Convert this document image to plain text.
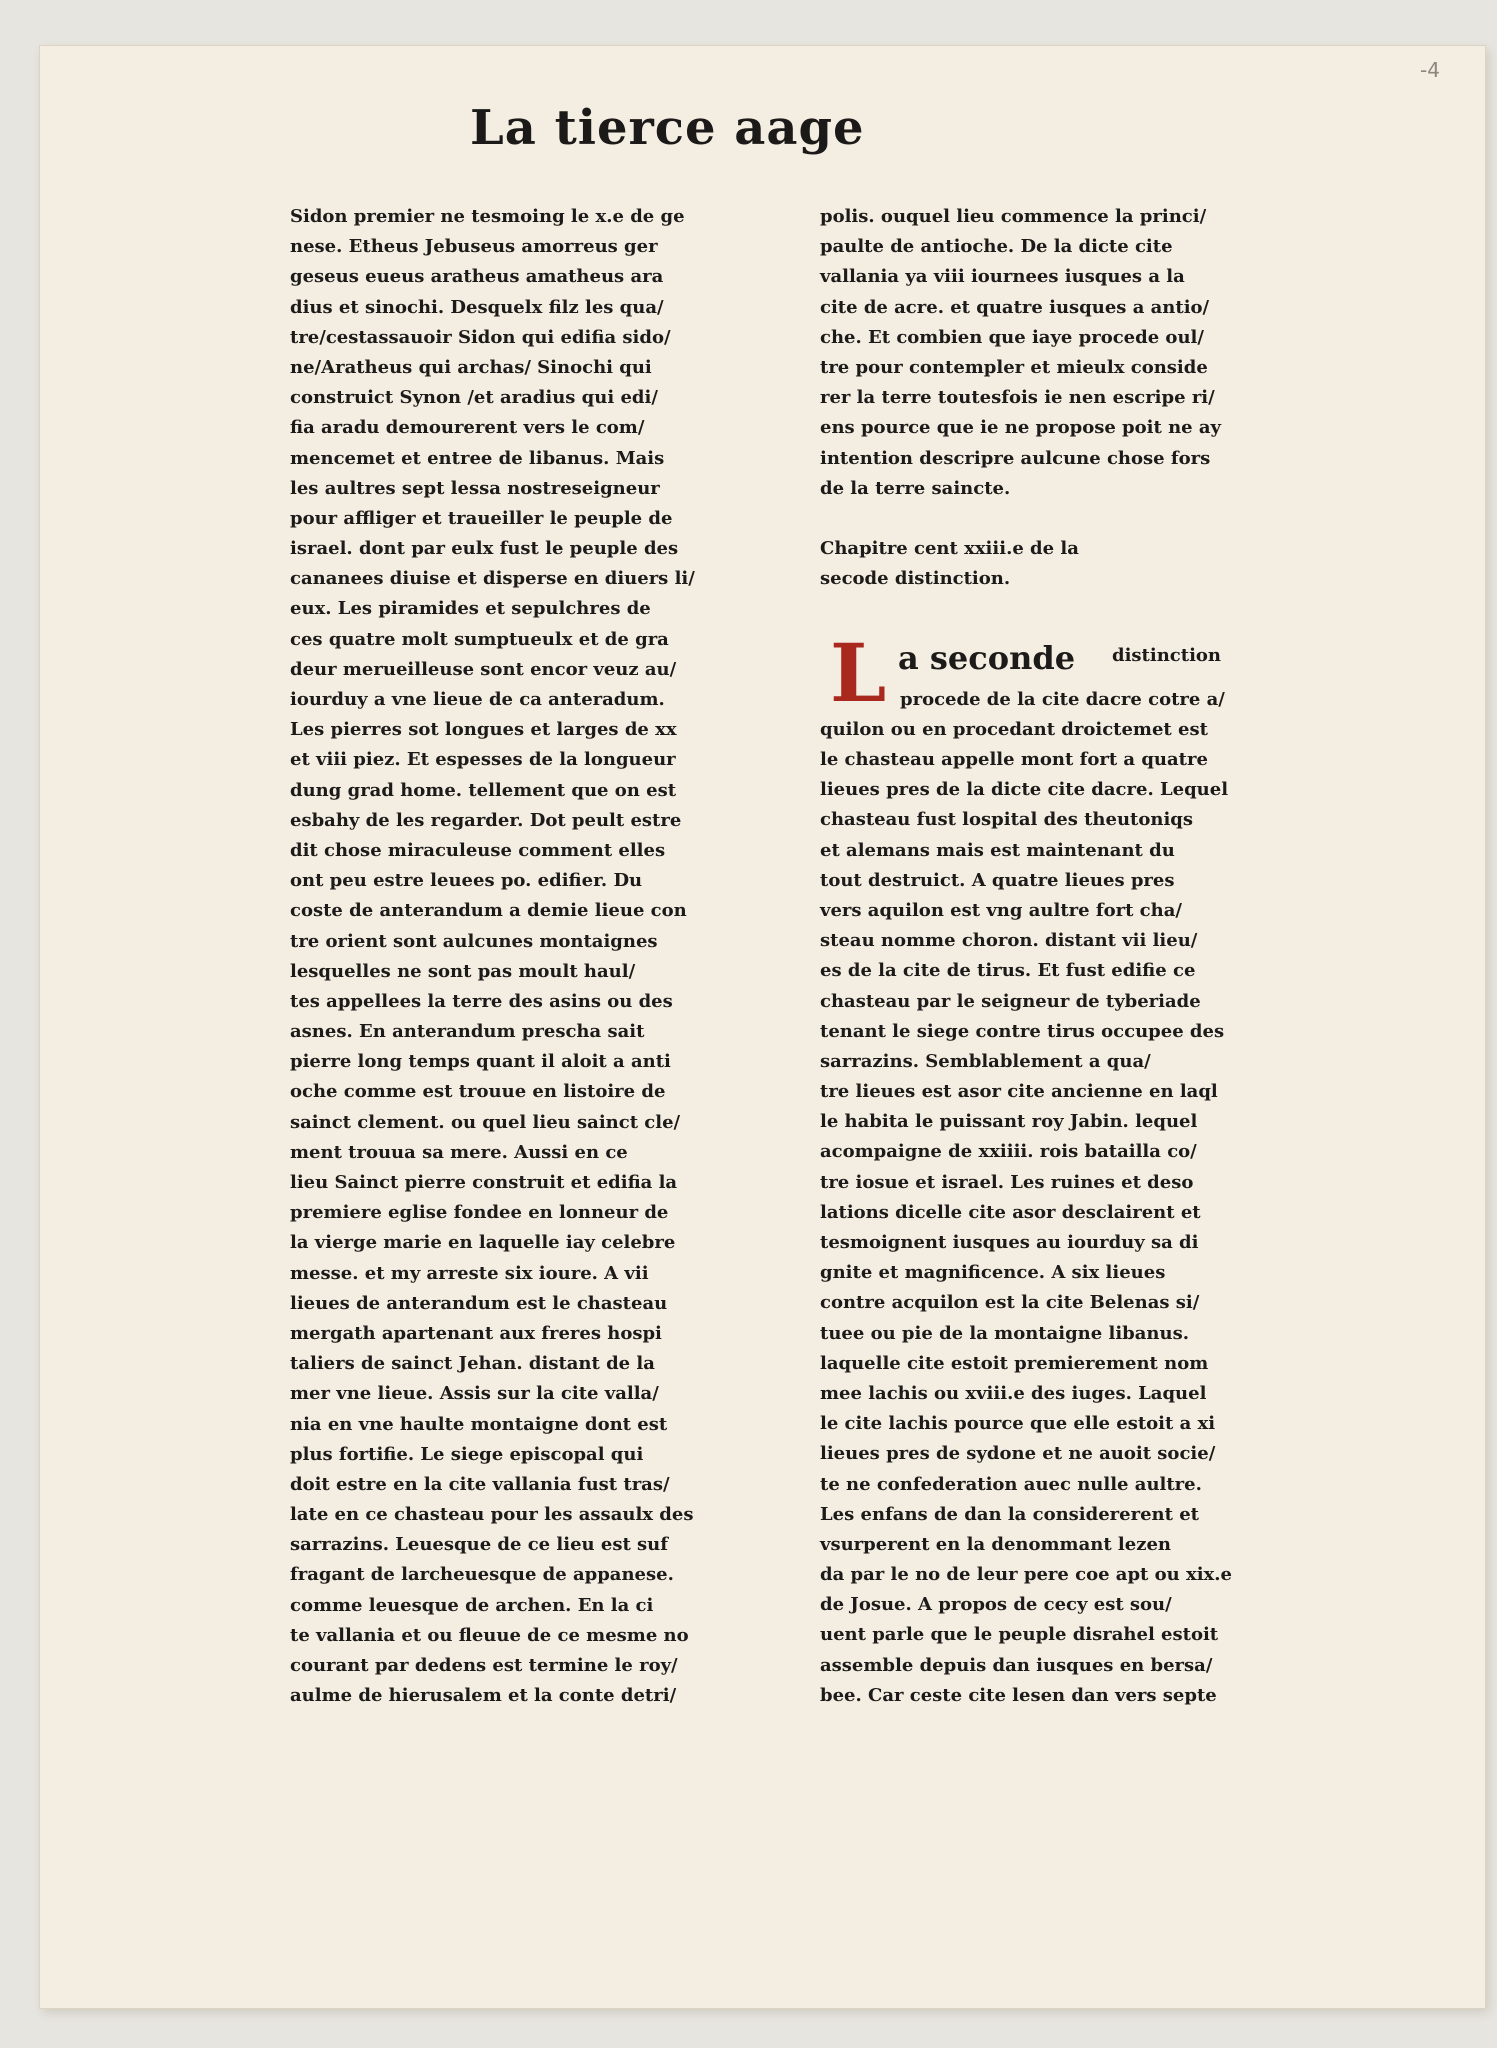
-4
La tierce aage
Sidon premier ne tesmoing le x.e de ge
nese. Etheus Jebuseus amorreus ger
geseus eueus aratheus amatheus ara
dius et sinochi. Desquelx filz les qua/
tre/cestassauoir Sidon qui edifia sido/
ne/Aratheus qui archas/ Sinochi qui
construict Synon /et aradius qui edi/
fia aradu demourerent vers le com/
mencemet et entree de libanus. Mais
les aultres sept lessa nostreseigneur
pour affliger et traueiller le peuple de
israel. dont par eulx fust le peuple des
cananees diuise et disperse en diuers li/
eux. Les piramides et sepulchres de
ces quatre molt sumptueulx et de gra
deur merueilleuse sont encor veuz au/
iourduy a vne lieue de ca anteradum.
Les pierres sot longues et larges de xx
et viii piez. Et espesses de la longueur
dung grad home. tellement que on est
esbahy de les regarder. Dot peult estre
dit chose miraculeuse comment elles
ont peu estre leuees po. edifier. Du
coste de anterandum a demie lieue con
tre orient sont aulcunes montaignes
lesquelles ne sont pas moult haul/
tes appellees la terre des asins ou des
asnes. En anterandum prescha sait
pierre long temps quant il aloit a anti
oche comme est trouue en listoire de
sainct clement. ou quel lieu sainct cle/
ment trouua sa mere. Aussi en ce
lieu Sainct pierre construit et edifia la
premiere eglise fondee en lonneur de
la vierge marie en laquelle iay celebre
messe. et my arreste six ioure. A vii
lieues de anterandum est le chasteau
mergath apartenant aux freres hospi
taliers de sainct Jehan. distant de la
mer vne lieue. Assis sur la cite valla/
nia en vne haulte montaigne dont est
plus fortifie. Le siege episcopal qui
doit estre en la cite vallania fust tras/
late en ce chasteau pour les assaulx des
sarrazins. Leuesque de ce lieu est suf
fragant de larcheuesque de appanese.
comme leuesque de archen. En la ci
te vallania et ou fleuue de ce mesme no
courant par dedens est termine le roy/
aulme de hierusalem et la conte detri/
polis. ouquel lieu commence la princi/
paulte de antioche. De la dicte cite
vallania ya viii iournees iusques a la
cite de acre. et quatre iusques a antio/
che. Et combien que iaye procede oul/
tre pour contempler et mieulx conside
rer la terre toutesfois ie nen escripe ri/
ens pource que ie ne propose poit ne ay
intention descripre aulcune chose fors
de la terre saincte.
Chapitre cent xxiii.e de la
secode distinction.
L a seconde distinction
procede de la cite dacre cotre a/
quilon ou en procedant droictemet est
le chasteau appelle mont fort a quatre
lieues pres de la dicte cite dacre. Lequel
chasteau fust lospital des theutoniqs
et alemans mais est maintenant du
tout destruict. A quatre lieues pres
vers aquilon est vng aultre fort cha/
steau nomme choron. distant vii lieu/
es de la cite de tirus. Et fust edifie ce
chasteau par le seigneur de tyberiade
tenant le siege contre tirus occupee des
sarrazins. Semblablement a qua/
tre lieues est asor cite ancienne en laql
le habita le puissant roy Jabin. lequel
acompaigne de xxiiii. rois batailla co/
tre iosue et israel. Les ruines et deso
lations dicelle cite asor desclairent et
tesmoignent iusques au iourduy sa di
gnite et magnificence. A six lieues
contre acquilon est la cite Belenas si/
tuee ou pie de la montaigne libanus.
laquelle cite estoit premierement nom
mee lachis ou xviii.e des iuges. Laquel
le cite lachis pource que elle estoit a xi
lieues pres de sydone et ne auoit socie/
te ne confederation auec nulle aultre.
Les enfans de dan la considererent et
vsurperent en la denommant lezen
da par le no de leur pere coe apt ou xix.e
de Josue. A propos de cecy est sou/
uent parle que le peuple disrahel estoit
assemble depuis dan iusques en bersa/
bee. Car ceste cite lesen dan vers septe
